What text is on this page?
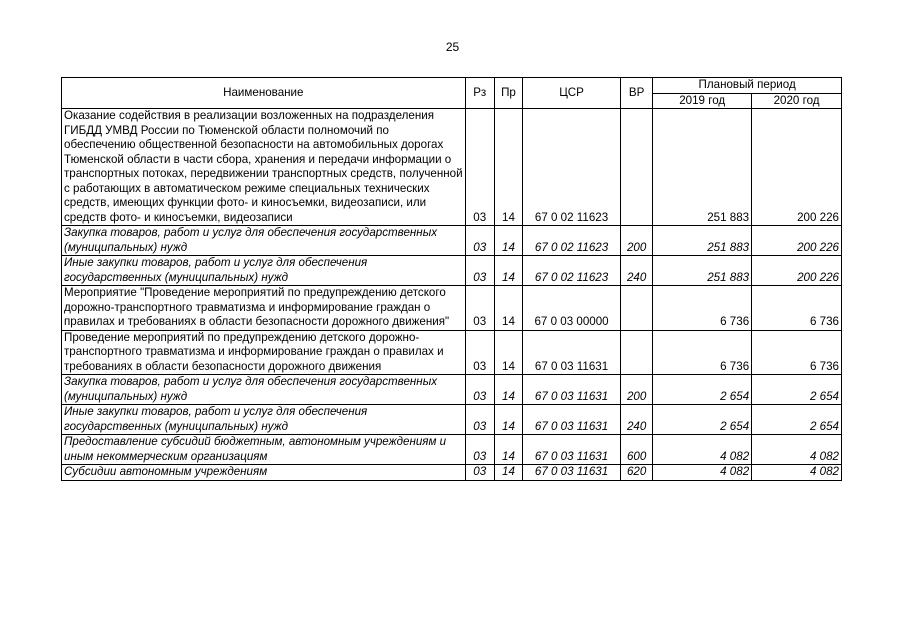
25
Наименование	Рз	Пр	ЦСР	ВР	Плановый период	
					2019 год	2020 год
Оказание содействия в реализации возложенных на подразделения ГИБДД УМВД России по Тюменской области полномочий по обеспечению общественной безопасности на автомобильных дорогах Тюменской области в части сбора, хранения и передачи информации о транспортных потоках, передвижении транспортных средств, полученной с работающих в автоматическом режиме специальных технических средств, имеющих функции фото- и киносъемки, видеозаписи, или средств фото- и киносъемки, видеозаписи	03	14	67 0 02 11623		251 883	200 226
Закупка товаров, работ и услуг для обеспечения государственных (муниципальных) нужд	03	14	67 0 02 11623	200	251 883	200 226
Иные закупки товаров, работ и услуг для обеспечения государственных (муниципальных) нужд	03	14	67 0 02 11623	240	251 883	200 226
Мероприятие "Проведение мероприятий по предупреждению детского дорожно-транспортного травматизма и информирование граждан о правилах и требованиях в области безопасности дорожного движения"	03	14	67 0 03 00000		6 736	6 736
Проведение мероприятий по предупреждению детского дорожно-транспортного травматизма и информирование граждан о правилах и требованиях в области безопасности дорожного движения	03	14	67 0 03 11631		6 736	6 736
Закупка товаров, работ и услуг для обеспечения государственных (муниципальных) нужд	03	14	67 0 03 11631	200	2 654	2 654
Иные закупки товаров, работ и услуг для обеспечения государственных (муниципальных) нужд	03	14	67 0 03 11631	240	2 654	2 654
Предоставление субсидий бюджетным, автономным учреждениям и иным некоммерческим организациям	03	14	67 0 03 11631	600	4 082	4 082
Субсидии автономным учреждениям	03	14	67 0 03 11631	620	4 082	4 082
